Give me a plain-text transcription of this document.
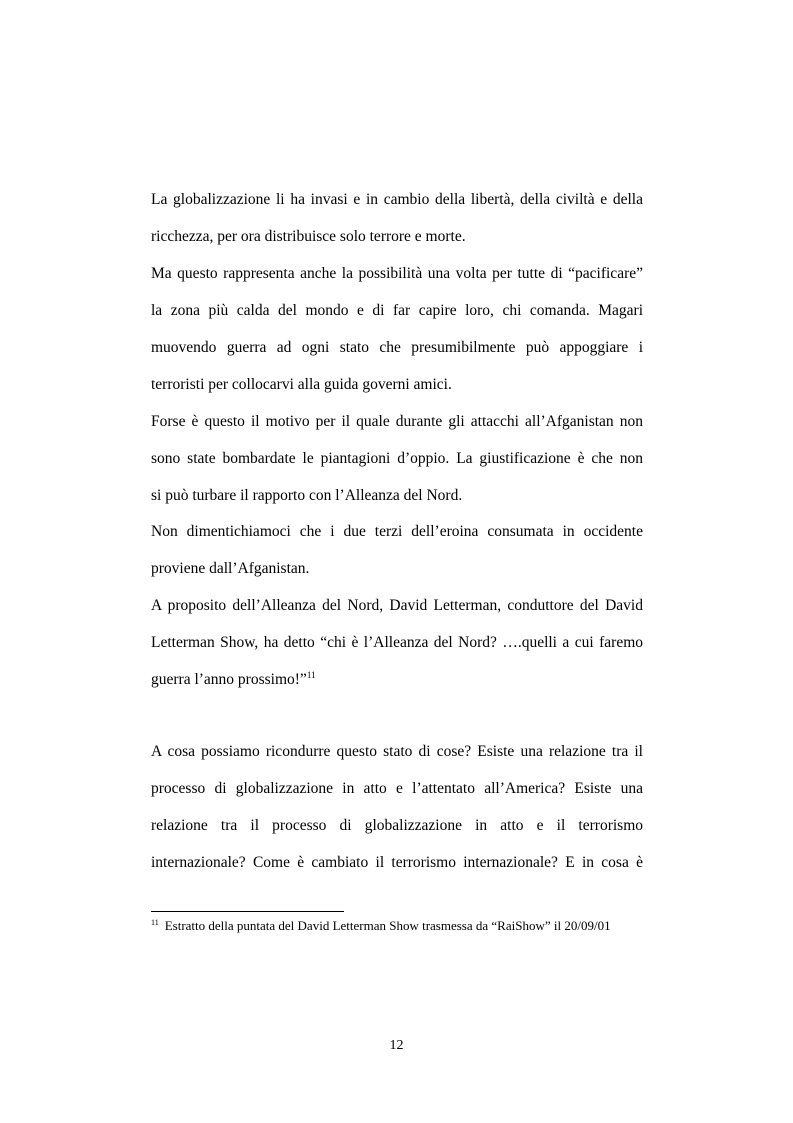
La globalizzazione li ha invasi e in cambio della libertà, della civiltà e della
ricchezza, per ora distribuisce solo terrore e morte.
Ma questo rappresenta anche la possibilità una volta per tutte di “pacificare”
la zona più calda del mondo e di far capire loro, chi comanda. Magari
muovendo guerra ad ogni stato che presumibilmente può appoggiare i
terroristi per collocarvi alla guida governi amici.
Forse è questo il motivo per il quale durante gli attacchi all’Afganistan non
sono state bombardate le piantagioni d’oppio. La giustificazione è che non
si può turbare il rapporto con l’Alleanza del Nord.
Non dimentichiamoci che i due terzi dell’eroina consumata in occidente
proviene dall’Afganistan.
A proposito dell’Alleanza del Nord, David Letterman, conduttore del David
Letterman Show, ha detto “chi è l’Alleanza del Nord? ….quelli a cui faremo
guerra l’anno prossimo!”$^{11}$
A cosa possiamo ricondurre questo stato di cose? Esiste una relazione tra il
processo di globalizzazione in atto e l’attentato all’America? Esiste una
relazione tra il processo di globalizzazione in atto e il terrorismo
internazionale? Come è cambiato il terrorismo internazionale? E in cosa è
$^{11}$ Estratto della puntata del David Letterman Show trasmessa da “RaiShow” il 20/09/01
12
